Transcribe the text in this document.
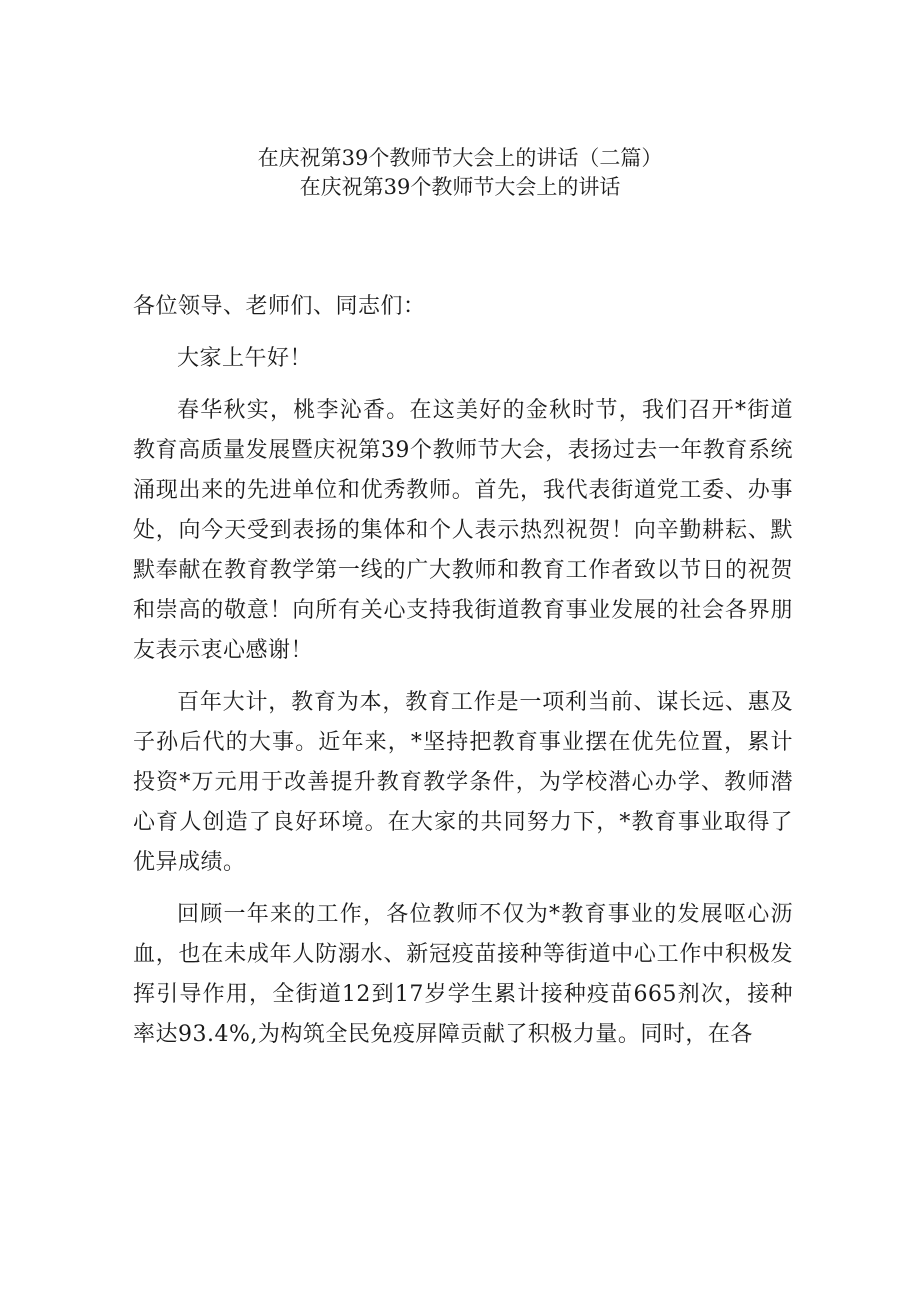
在庆祝第39个教师节大会上的讲话（二篇）
在庆祝第39个教师节大会上的讲话

各位领导、老师们、同志们：

大家上午好！

春华秋实，桃李沁香。在这美好的金秋时节，我们召开*街道教育高质量发展暨庆祝第39个教师节大会，表扬过去一年教育系统涌现出来的先进单位和优秀教师。首先，我代表街道党工委、办事处，向今天受到表扬的集体和个人表示热烈祝贺！向辛勤耕耘、默默奉献在教育教学第一线的广大教师和教育工作者致以节日的祝贺和崇高的敬意！向所有关心支持我街道教育事业发展的社会各界朋友表示衷心感谢！

百年大计，教育为本，教育工作是一项利当前、谋长远、惠及子孙后代的大事。近年来，*坚持把教育事业摆在优先位置，累计投资*万元用于改善提升教育教学条件，为学校潜心办学、教师潜心育人创造了良好环境。在大家的共同努力下，*教育事业取得了优异成绩。

回顾一年来的工作，各位教师不仅为*教育事业的发展呕心沥血，也在未成年人防溺水、新冠疫苗接种等街道中心工作中积极发挥引导作用，全街道12到17岁学生累计接种疫苗665剂次，接种率达93.4%,为构筑全民免疫屏障贡献了积极力量。同时，在各
